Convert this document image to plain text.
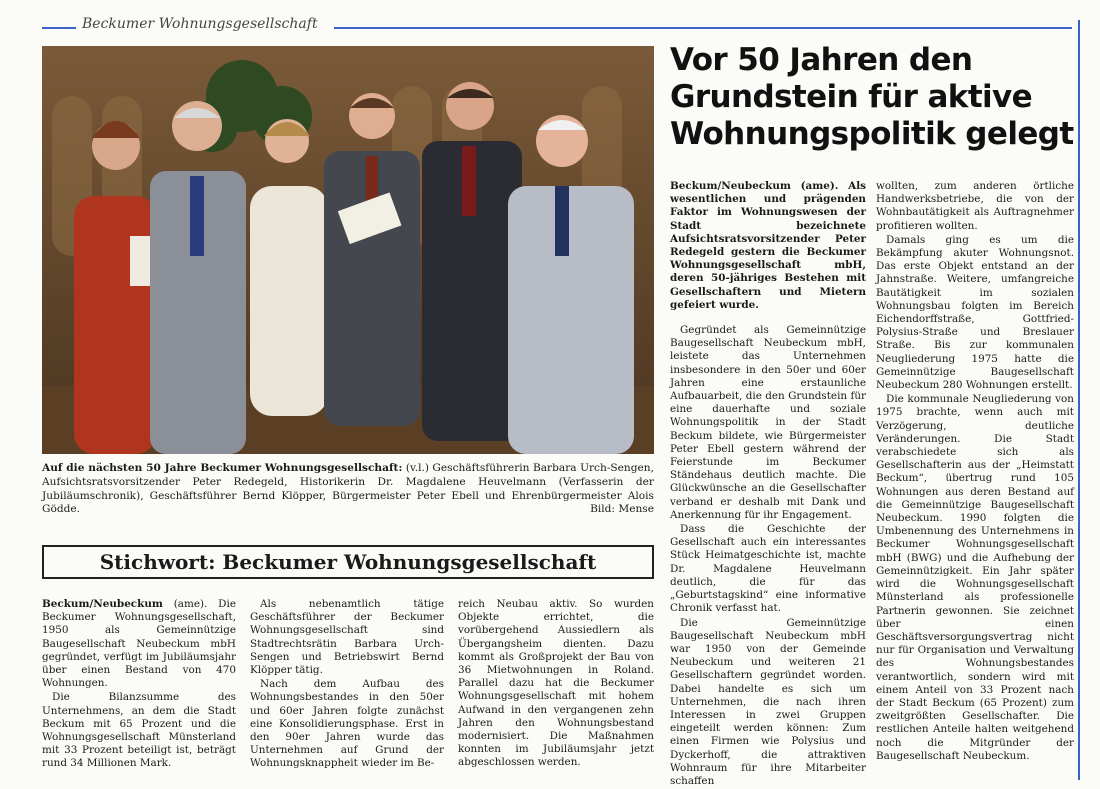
Beckumer Wohnungsgesellschaft
Auf die nächsten 50 Jahre Beckumer Wohnungsgesellschaft: (v.l.) Geschäftsführerin Barbara Urch-Sengen, Aufsichtsratsvorsitzender Peter Redegeld, Historikerin Dr. Magdalene Heuvelmann (Verfasserin der Jubiläumschronik), Geschäftsführer Bernd Klöpper, Bürgermeister Peter Ebell und Ehrenbürgermeister Alois Gödde.	Bild: Mense
Vor 50 Jahren den
Grundstein für aktive
Wohnungspolitik gelegt

Beckum/Neubeckum (ame). Als wesentlichen und prägenden Faktor im Wohnungswesen der Stadt bezeichnete Aufsichtsratsvorsitzender Peter Redegeld gestern die Beckumer Wohnungsgesellschaft mbH, deren 50-jähriges Bestehen mit Gesellschaftern und Mietern gefeiert wurde.

Gegründet als Gemeinnützige Baugesellschaft Neubeckum mbH, leistete das Unternehmen insbesondere in den 50er und 60er Jahren eine erstaunliche Aufbauarbeit, die den Grundstein für eine dauerhafte und soziale Wohnungspolitik in der Stadt Beckum bildete, wie Bürgermeister Peter Ebell gestern während der Feierstunde im Beckumer Ständehaus deutlich machte. Die Glückwünsche an die Gesellschafter verband er deshalb mit Dank und Anerkennung für ihr Engagement.

Dass die Geschichte der Gesellschaft auch ein interessantes Stück Heimatgeschichte ist, machte Dr. Magdalene Heuvelmann deutlich, die für das „Geburtstagskind“ eine informative Chronik verfasst hat.

Die Gemeinnützige Baugesellschaft Neubeckum mbH war 1950 von der Gemeinde Neubeckum und weiteren 21 Gesellschaftern gegründet worden. Dabei handelte es sich um Unternehmen, die nach ihren Interessen in zwei Gruppen eingeteilt werden können: Zum einen Firmen wie Polysius und Dyckerhoff, die attraktiven Wohnraum für ihre Mitarbeiter schaffen

wollten, zum anderen örtliche Handwerksbetriebe, die von der Wohnbautätigkeit als Auftragnehmer profitieren wollten.

Damals ging es um die Bekämpfung akuter Wohnungsnot. Das erste Objekt entstand an der Jahnstraße. Weitere, umfangreiche Bautätigkeit im sozialen Wohnungsbau folgten im Bereich Eichendorffstraße, Gottfried-Polysius-Straße und Breslauer Straße. Bis zur kommunalen Neugliederung 1975 hatte die Gemeinnützige Baugesellschaft Neubeckum 280 Wohnungen erstellt.

Die kommunale Neugliederung von 1975 brachte, wenn auch mit Verzögerung, deutliche Veränderungen. Die Stadt verabschiedete sich als Gesellschafterin aus der „Heimstatt Beckum“, übertrug rund 105 Wohnungen aus deren Bestand auf die Gemeinnützige Baugesellschaft Neubeckum. 1990 folgten die Umbenennung des Unternehmens in Beckumer Wohnungsgesellschaft mbH (BWG) und die Aufhebung der Gemeinnützigkeit. Ein Jahr später wird die Wohnungsgesellschaft Münsterland als professionelle Partnerin gewonnen. Sie zeichnet über einen Geschäftsversorgungsvertrag nicht nur für Organisation und Verwaltung des Wohnungsbestandes verantwortlich, sondern wird mit einem Anteil von 33 Prozent nach der Stadt Beckum (65 Prozent) zum zweitgrößten Gesellschafter. Die restlichen Anteile halten weitgehend noch die Mitgründer der Baugesellschaft Neubeckum.

Stichwort: Beckumer Wohnungsgesellschaft

Beckum/Neubeckum (ame). Die Beckumer Wohnungsgesellschaft, 1950 als Gemeinnützige Baugesellschaft Neubeckum mbH gegründet, verfügt im Jubiläumsjahr über einen Bestand von 470 Wohnungen.

Die Bilanzsumme des Unternehmens, an dem die Stadt Beckum mit 65 Prozent und die Wohnungsgesellschaft Münsterland mit 33 Prozent beteiligt ist, beträgt rund 34 Millionen Mark.

Als nebenamtlich tätige Geschäftsführer der Beckumer Wohnungsgesellschaft sind Stadtrechtsrätin Barbara Urch-Sengen und Betriebswirt Bernd Klöpper tätig.

Nach dem Aufbau des Wohnungsbestandes in den 50er und 60er Jahren folgte zunächst eine Konsolidierungsphase. Erst in den 90er Jahren wurde das Unternehmen auf Grund der Wohnungsknappheit wieder im Be-

reich Neubau aktiv. So wurden Objekte errichtet, die vorübergehend Aussiedlern als Übergangsheim dienten. Dazu kommt als Großprojekt der Bau von 36 Mietwohnungen in Roland. Parallel dazu hat die Beckumer Wohnungsgesellschaft mit hohem Aufwand in den vergangenen zehn Jahren den Wohnungsbestand modernisiert. Die Maßnahmen konnten im Jubiläumsjahr jetzt abgeschlossen werden.
